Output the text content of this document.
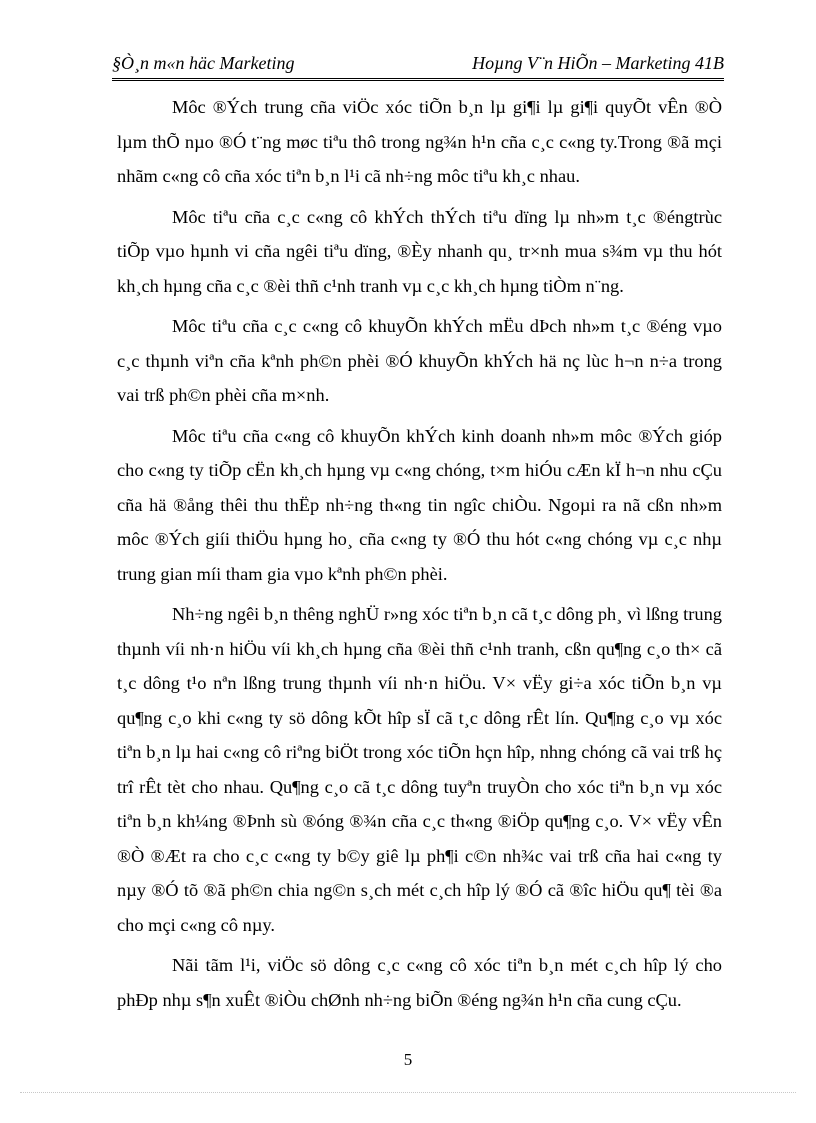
§Ò¸n m«n häc Marketing	Hoµng V¨n HiÕn – Marketing 41B

Môc ®Ých trung cña viÖc xóc tiÕn b¸n lµ gi¶i lµ gi¶i quyÕt vÊn ®Ò lµm thÕ nµo ®Ó t¨ng møc tiªu thô trong ng¾n h¹n cña c¸c c«ng ty.Trong ®ã mçi nhãm c«ng cô cña xóc tiªn b¸n l¹i cã nh÷ng môc tiªu kh¸c nhau.

Môc tiªu cña c¸c c«ng cô khÝch thÝch tiªu dïng lµ nh»m t¸c ®éngtrùc tiÕp vµo hµnh vi cña ngêi tiªu dïng, ®Èy nhanh qu¸ tr×nh mua s¾m vµ thu hót kh¸ch hµng cña c¸c ®èi thñ c¹nh tranh vµ c¸c kh¸ch hµng tiÒm n¨ng.

Môc tiªu cña c¸c c«ng cô khuyÕn khÝch mËu dÞch nh»m t¸c ®éng vµo c¸c thµnh viªn cña kªnh ph©n phèi ®Ó khuyÕn khÝch hä nç lùc h¬n n÷a trong vai trß ph©n phèi cña m×nh.

Môc tiªu cña c«ng cô khuyÕn khÝch kinh doanh nh»m môc ®Ých gióp cho c«ng ty tiÕp cËn kh¸ch hµng vµ c«ng chóng, t×m hiÓu cÆn kÏ h¬n nhu cÇu cña hä ®ång thêi thu thËp nh÷ng th«ng tin ngîc chiÒu. Ngoµi ra nã cßn nh»m môc ®Ých giíi thiÖu hµng ho¸ cña c«ng ty ®Ó thu hót c«ng chóng vµ c¸c nhµ trung gian míi tham gia vµo kªnh ph©n phèi.

Nh÷ng ngêi b¸n thêng nghÜ r»ng xóc tiªn b¸n cã t¸c dông ph¸ vì lßng trung thµnh víi nh·n hiÖu víi kh¸ch hµng cña ®èi thñ c¹nh tranh, cßn qu¶ng c¸o th× cã t¸c dông t¹o nªn lßng trung thµnh víi nh·n hiÖu. V× vËy gi÷a xóc tiÕn b¸n vµ qu¶ng c¸o khi c«ng ty sö dông kÕt hîp sÏ cã t¸c dông rÊt lín. Qu¶ng c¸o vµ xóc tiªn b¸n lµ hai c«ng cô riªng biÖt trong xóc tiÕn hçn hîp, nhng chóng cã vai trß hç trî rÊt tèt cho nhau. Qu¶ng c¸o cã t¸c dông tuyªn truyÒn cho xóc tiªn b¸n vµ xóc tiªn b¸n kh¼ng ®Þnh sù ®óng ®¾n cña c¸c th«ng ®iÖp qu¶ng c¸o. V× vËy vÊn ®Ò ®Æt ra cho c¸c c«ng ty b©y giê lµ ph¶i c©n nh¾c vai trß cña hai c«ng ty nµy ®Ó tõ ®ã ph©n chia ng©n s¸ch mét c¸ch hîp lý ®Ó cã ®îc hiÖu qu¶ tèi ®a cho mçi c«ng cô nµy.

Nãi tãm l¹i, viÖc sö dông c¸c c«ng cô xóc tiªn b¸n mét c¸ch hîp lý cho phÐp nhµ s¶n xuÊt ®iÒu chØnh nh÷ng biÕn ®éng ng¾n h¹n cña cung cÇu.

5
